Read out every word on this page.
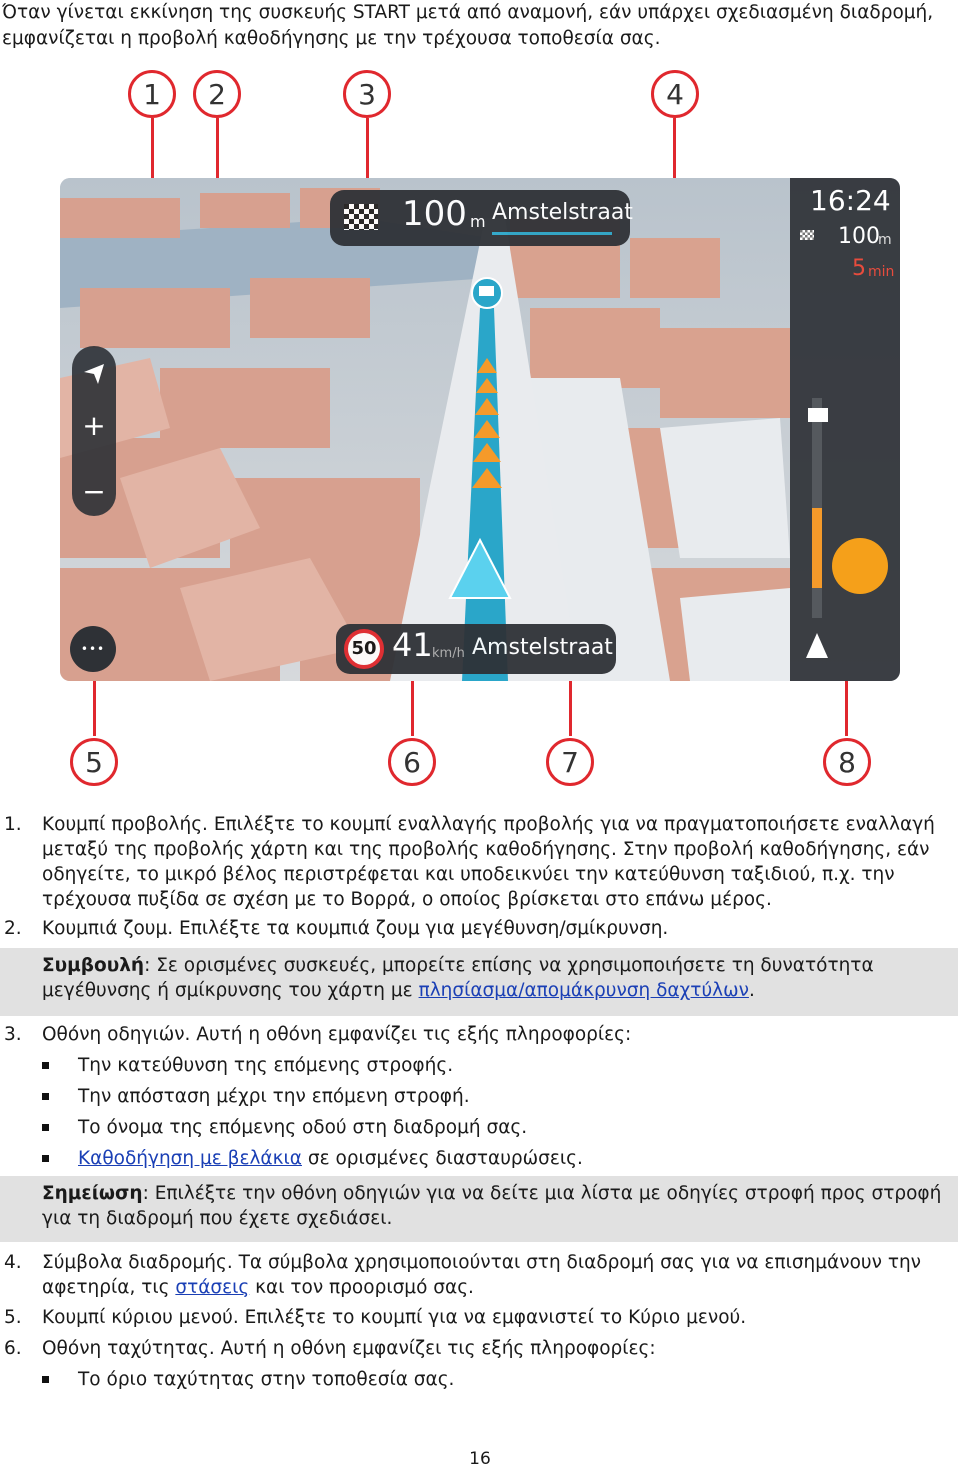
Όταν γίνεται εκκίνηση της συσκευής START μετά από αναμονή, εάν υπάρχει σχεδιασμένη διαδρομή,

εμφανίζεται η προβολή καθοδήγησης με την τρέχουσα τοποθεσία σας.

100 m Amstelstraat	16:24
100
m
5 min
+
−
•••	50 41 km/h Amstelstraat
1	2	3	4
5	6	7	8
1. Κουμπί προβολής. Επιλέξτε το κουμπί εναλλαγής προβολής για να πραγματοποιήσετε εναλλαγή
μεταξύ της προβολής χάρτη και της προβολής καθοδήγησης. Στην προβολή καθοδήγησης, εάν
οδηγείτε, το μικρό βέλος περιστρέφεται και υποδεικνύει την κατεύθυνση ταξιδιού, π.χ. την
τρέχουσα πυξίδα σε σχέση με το Βορρά, ο οποίος βρίσκεται στο επάνω μέρος.
2. Κουμπιά ζουμ. Επιλέξτε τα κουμπιά ζουμ για μεγέθυνση/σμίκρυνση.
Συμβουλή: Σε ορισμένες συσκευές, μπορείτε επίσης να χρησιμοποιήσετε τη δυνατότητα
μεγέθυνσης ή σμίκρυνσης του χάρτη με πλησίασμα/απομάκρυνση δαχτύλων.
3. Οθόνη οδηγιών. Αυτή η οθόνη εμφανίζει τις εξής πληροφορίες:
Την κατεύθυνση της επόμενης στροφής.
Την απόσταση μέχρι την επόμενη στροφή.
Το όνομα της επόμενης οδού στη διαδρομή σας.
Καθοδήγηση με βελάκια σε ορισμένες διασταυρώσεις.
Σημείωση: Επιλέξτε την οθόνη οδηγιών για να δείτε μια λίστα με οδηγίες στροφή προς στροφή
για τη διαδρομή που έχετε σχεδιάσει.
4. Σύμβολα διαδρομής. Τα σύμβολα χρησιμοποιούνται στη διαδρομή σας για να επισημάνουν την
αφετηρία, τις στάσεις και τον προορισμό σας.
5. Κουμπί κύριου μενού. Επιλέξτε το κουμπί για να εμφανιστεί το Κύριο μενού.
6. Οθόνη ταχύτητας. Αυτή η οθόνη εμφανίζει τις εξής πληροφορίες:
Το όριο ταχύτητας στην τοποθεσία σας.
16
